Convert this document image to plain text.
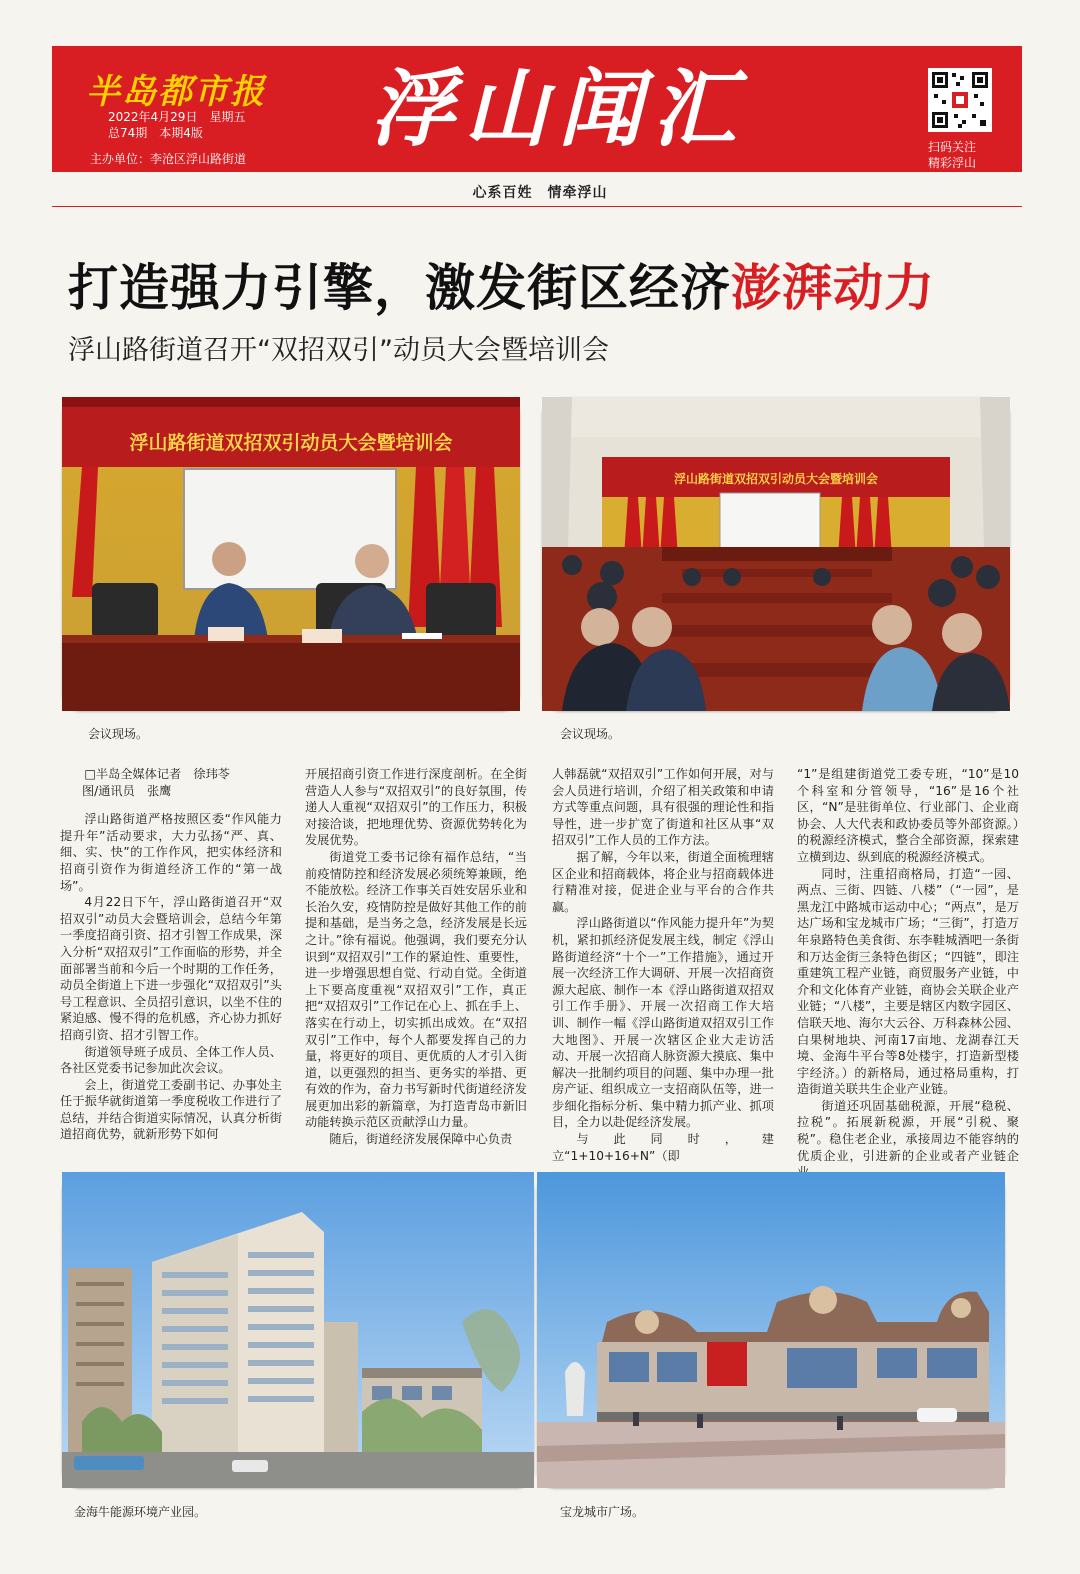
半岛都市报
2022年4月29日　星期五
总74期　本期4版
主办单位：李沧区浮山路街道
浮山闻汇	扫码关注
精彩浮山
心系百姓　情牵浮山
打造强力引擎，激发街区经济澎湃动力
浮山路街道召开“双招双引”动员大会暨培训会
浮山路街道双招双引动员大会暨培训会
会议现场。
浮山路街道双招双引动员大会暨培训会
会议现场。

□半岛全媒体记者　徐玮苓

图/通讯员　张鹰

浮山路街道严格按照区委“作风能力提升年”活动要求，大力弘扬“严、真、细、实、快”的工作作风，把实体经济和招商引资作为街道经济工作的“第一战场”。

4月22日下午，浮山路街道召开“双招双引”动员大会暨培训会，总结今年第一季度招商引资、招才引智工作成果，深入分析“双招双引”工作面临的形势，并全面部署当前和今后一个时期的工作任务，动员全街道上下进一步强化“双招双引”头号工程意识、全员招引意识，以坐不住的紧迫感、慢不得的危机感，齐心协力抓好招商引资、招才引智工作。

街道领导班子成员、全体工作人员、各社区党委书记参加此次会议。

会上，街道党工委副书记、办事处主任于振华就街道第一季度税收工作进行了总结，并结合街道实际情况，认真分析街道招商优势，就新形势下如何

开展招商引资工作进行深度剖析。在全街营造人人参与“双招双引”的良好氛围，传递人人重视“双招双引”的工作压力，积极对接洽谈，把地理优势、资源优势转化为发展优势。

街道党工委书记徐有福作总结，“当前疫情防控和经济发展必须统筹兼顾，绝不能放松。经济工作事关百姓安居乐业和长治久安，疫情防控是做好其他工作的前提和基础，是当务之急，经济发展是长远之计。”徐有福说。他强调，我们要充分认识到“双招双引”工作的紧迫性、重要性，进一步增强思想自觉、行动自觉。全街道上下要高度重视“双招双引”工作，真正把“双招双引”工作记在心上、抓在手上、落实在行动上，切实抓出成效。在“双招双引”工作中，每个人都要发挥自己的力量，将更好的项目、更优质的人才引入街道，以更强烈的担当、更务实的举措、更有效的作为，奋力书写新时代街道经济发展更加出彩的新篇章，为打造青岛市新旧动能转换示范区贡献浮山力量。

随后，街道经济发展保障中心负责

人韩磊就“双招双引”工作如何开展，对与会人员进行培训，介绍了相关政策和申请方式等重点问题，具有很强的理论性和指导性，进一步扩宽了街道和社区从事“双招双引”工作人员的工作方法。

据了解，今年以来，街道全面梳理辖区企业和招商载体，将企业与招商载体进行精准对接，促进企业与平台的合作共赢。

浮山路街道以“作风能力提升年”为契机，紧扣抓经济促发展主线，制定《浮山路街道经济“十个一”工作措施》，通过开展一次经济工作大调研、开展一次招商资源大起底、制作一本《浮山路街道双招双引工作手册》、开展一次招商工作大培训、制作一幅《浮山路街道双招双引工作大地图》、开展一次辖区企业大走访活动、开展一次招商人脉资源大摸底、集中解决一批制约项目的问题、集中办理一批房产证、组织成立一支招商队伍等，进一步细化指标分析、集中精力抓产业、抓项目，全力以赴促经济发展。

与此同时，建立“1+10+16+N”（即

“1”是组建街道党工委专班，“10”是10个科室和分管领导，“16”是16个社区，“N”是驻街单位、行业部门、企业商协会、人大代表和政协委员等外部资源。）的税源经济模式，整合全部资源，探索建立横到边、纵到底的税源经济模式。

同时，注重招商格局，打造“一园、两点、三街、四链、八楼”（“一园”，是黑龙江中路城市运动中心；“两点”，是万达广场和宝龙城市广场；“三街”，打造万年泉路特色美食街、东李鞋城酒吧一条街和万达金街三条特色街区；“四链”，即注重建筑工程产业链，商贸服务产业链，中介和文化体育产业链，商协会关联企业产业链；“八楼”，主要是辖区内数字园区、信联天地、海尔大云谷、万科森林公园、白果树地块、河南17亩地、龙湖春江天境、金海牛平台等8处楼宇，打造新型楼宇经济。）的新格局，通过格局重构，打造街道关联共生企业产业链。

街道还巩固基础税源，开展“稳税、拉税”。拓展新税源，开展“引税、聚税”。稳住老企业，承接周边不能容纳的优质企业，引进新的企业或者产业链企

金海牛能源环境产业园。	宝龙城市广场。
